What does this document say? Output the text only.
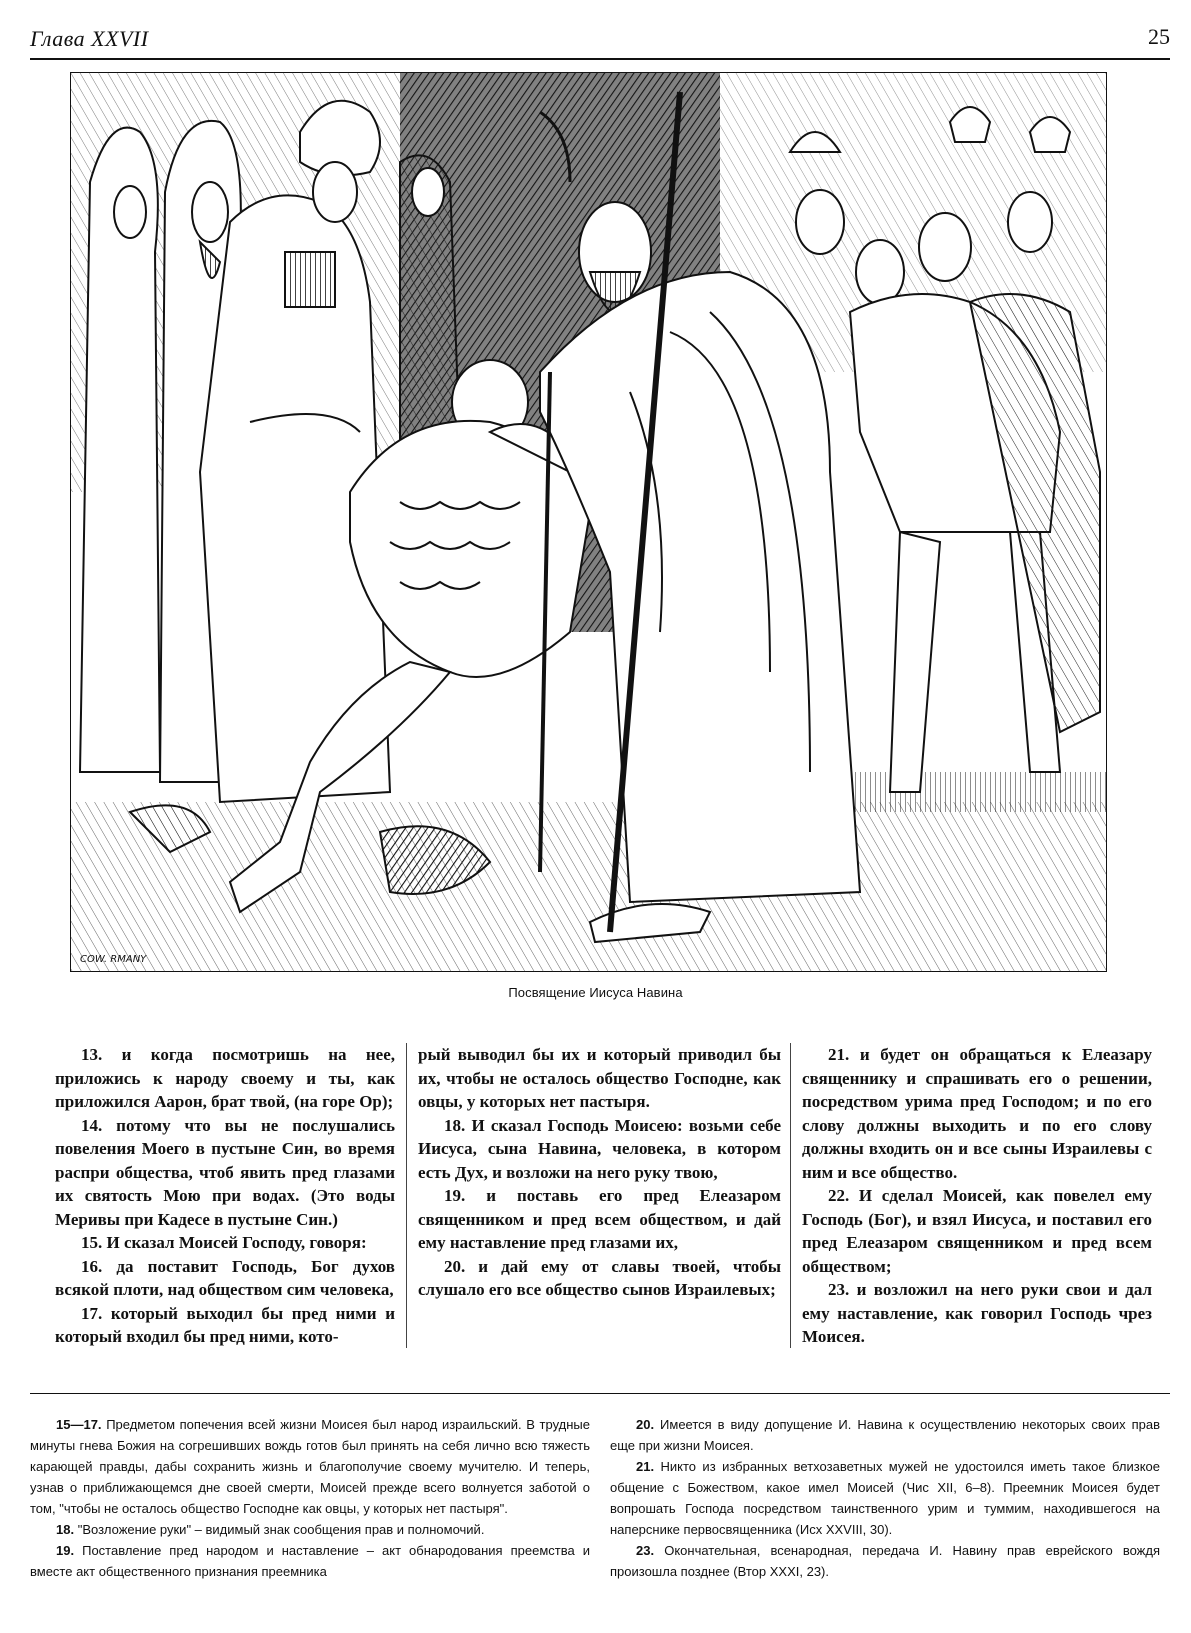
Глава XXVII	25
COW. RMANY
Посвящение Иисуса Навина

13. и когда посмотришь на нее, приложись к народу своему и ты, как приложился Аарон, брат твой, (на горе Ор);

14. потому что вы не послушались повеления Моего в пустыне Син, во время распри общества, чтоб явить пред глазами их святость Мою при водах. (Это воды Меривы при Кадесе в пустыне Син.)

15. И сказал Моисей Господу, говоря:

16. да поставит Господь, Бог духов всякой плоти, над обществом сим человека,

17. который выходил бы пред ними и который входил бы пред ними, кото-

рый выводил бы их и который приводил бы их, чтобы не осталось общество Господне, как овцы, у которых нет пастыря.

18. И сказал Господь Моисею: возьми себе Иисуса, сына Навина, человека, в котором есть Дух, и возложи на него руку твою,

19. и поставь его пред Елеазаром священником и пред всем обществом, и дай ему наставление пред глазами их,

20. и дай ему от славы твоей, чтобы слушало его все общество сынов Израилевых;

21. и будет он обращаться к Елеазару священнику и спрашивать его о решении, посредством урима пред Господом; и по его слову должны выходить и по его слову должны входить он и все сыны Израилевы с ним и все общество.

22. И сделал Моисей, как повелел ему Господь (Бог), и взял Иисуса, и поставил его пред Елеазаром священником и пред всем обществом;

23. и возложил на него руки свои и дал ему наставление, как говорил Господь чрез Моисея.

15—17. Предметом попечения всей жизни Моисея был народ израильский. В трудные минуты гнева Божия на согрешивших вождь готов был принять на себя лично всю тяжесть карающей правды, дабы сохранить жизнь и благополучие своему мучителю. И теперь, узнав о приближающемся дне своей смерти, Моисей прежде всего волнуется заботой о том, "чтобы не осталось общество Господне как овцы, у которых нет пастыря".

18. "Возложение руки" – видимый знак сообщения прав и полномочий.

19. Поставление пред народом и наставление – акт обнародования преемства и вместе акт общественного признания преемника

20. Имеется в виду допущение И. Навина к осуществлению некоторых своих прав еще при жизни Моисея.

21. Никто из избранных ветхозаветных мужей не удостоился иметь такое близкое общение с Божеством, какое имел Моисей (Чис XII, 6–8). Преемник Моисея будет вопрошать Господа посредством таинственного урим и туммим, находившегося на наперснике первосвященника (Исх XXVIII, 30).

23. Окончательная, всенародная, передача И. Навину прав еврейского вождя произошла позднее (Втор XXXI, 23).
